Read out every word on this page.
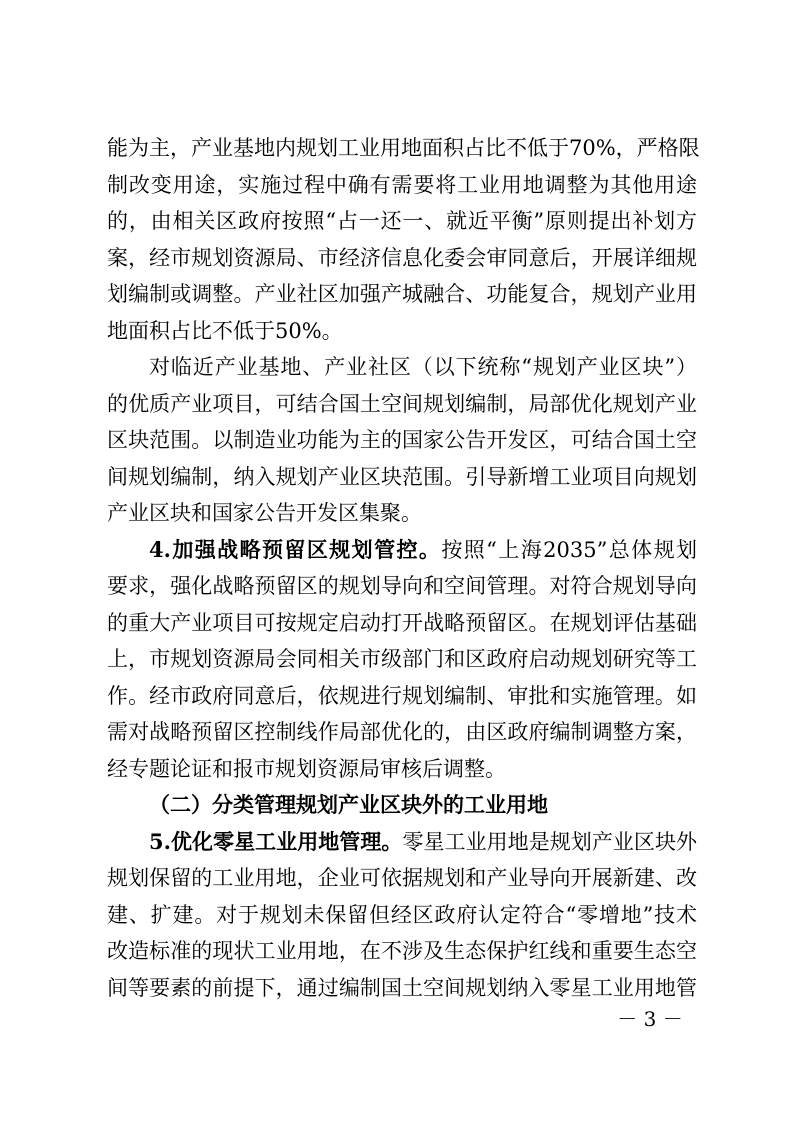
能为主，产业基地内规划工业用地面积占比不低于70%，严格限
制改变用途，实施过程中确有需要将工业用地调整为其他用途
的，由相关区政府按照“占一还一、就近平衡”原则提出补划方
案，经市规划资源局、市经济信息化委会审同意后，开展详细规
划编制或调整。产业社区加强产城融合、功能复合，规划产业用
地面积占比不低于50%。
对临近产业基地、产业社区（以下统称“规划产业区块”）
的优质产业项目，可结合国土空间规划编制，局部优化规划产业
区块范围。以制造业功能为主的国家公告开发区，可结合国土空
间规划编制，纳入规划产业区块范围。引导新增工业项目向规划
产业区块和国家公告开发区集聚。
4.加强战略预留区规划管控。按照“上海2035”总体规划
要求，强化战略预留区的规划导向和空间管理。对符合规划导向
的重大产业项目可按规定启动打开战略预留区。在规划评估基础
上，市规划资源局会同相关市级部门和区政府启动规划研究等工
作。经市政府同意后，依规进行规划编制、审批和实施管理。如
需对战略预留区控制线作局部优化的，由区政府编制调整方案，
经专题论证和报市规划资源局审核后调整。
（二）分类管理规划产业区块外的工业用地
5.优化零星工业用地管理。零星工业用地是规划产业区块外
规划保留的工业用地，企业可依据规划和产业导向开展新建、改
建、扩建。对于规划未保留但经区政府认定符合“零增地”技术
改造标准的现状工业用地，在不涉及生态保护红线和重要生态空
间等要素的前提下，通过编制国土空间规划纳入零星工业用地管
－ 3 －
